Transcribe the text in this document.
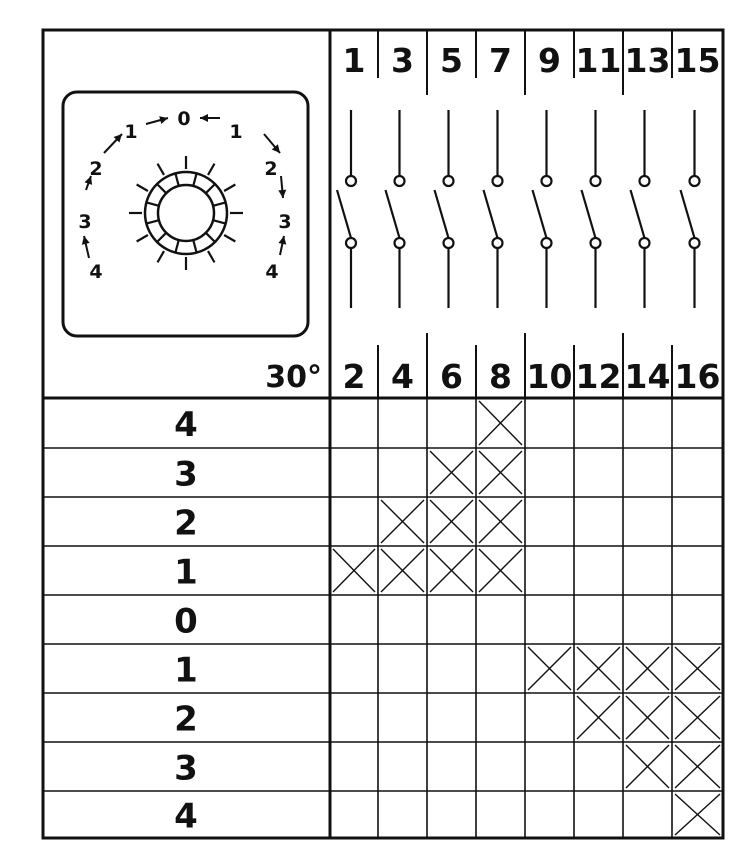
0
1
2
3
4
1
2
3
4
30°
1
2
3
4
5
6
7
8
9
10
11
12
13
14
15
16
4
3
2
1
0
1
2
3
4
